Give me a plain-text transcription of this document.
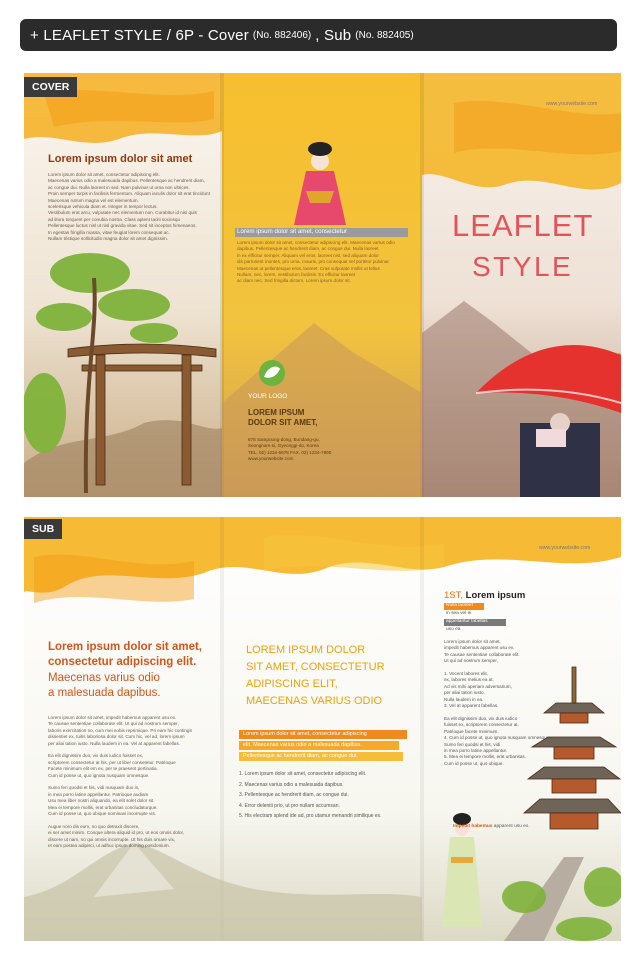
+ LEAFLET STYLE / 6P - Cover (No. 882406) , Sub (No. 882405)
COVER
Lorem ipsum dolor sit amet
Lorem ipsum dolor sit amet, consectetur adipiscing elit.
Maecenas varius odio a malesuada dapibus. Pellentesque ac hendrerit diam,
ac congue dui. Nulla laoreet in sed. Nam pulvinar ut urna non ultrices.
Proin semper turpis in facilisis fermentum. Aliquam iaculis dolor sit erat tincidunt
Maecenas rutrum magna vel est elementum.
scelerisque vehicula diam et. Integer in tempor lectus.
Vestibulum erat arcu, vulputate nec elementum non. Curabitur id nisi quis
ad litora torquent per conubia nostra. Class aptent taciti sociosqu
Pellentesque luctus nisl ut nisl gravida vitae. Sed sit inceptos himenaeos.
In egestas fringilla massa, vitae feugiat lorem consequat ac.
Nullam tristique sollicitudin magna dolor sit amet dignissim.
Lorem ipsum dolor sit amet, consectetur
Lorem ipsum dolor sit amet, consectetur adipiscing elit. Maecenas varius odio
dapibus. Pellentesque ac hendrerit diam, ac congue dui. Nulla laoreet
in ex efficitur semper. Aliquam vel eros, laoreet nisl, sed aliquam dolor
dis parturient montes, pro urna, mauris, pro consequat vel porttitor pulvinar
Maecenas ut pellentesque eros, laoreet. Cras vulputate mollis ut tellus
Nullam, nec, lorem, vestibulum facilisis. Ex efficitur laoreet
ac diam nec. Sed fringilla dictum. Lorem ipsum dolor sit.
YOUR LOGO
LOREM IPSUM
DOLOR SIT AMET,
678 Sampoung-dong, Bundang-gu,
Seongnam-si, Gyeonggi-do, Korea
TEL. 02) 1234-5678 FAX. 02) 1234-7890
www.yourwebsite.com
www.yourwebsite.com
LEAFLET
STYLE
SUB
Lorem ipsum dolor sit amet,
consectetur adipiscing elit.
Maecenas varius odio
a malesuada dapibus.
Lorem ipsum dolor sit amet, impedit habemus apparent usu ex.
Te causae sententiae collaborate elit. Ut qui ad nostrum semper,
laboris exercitation no, cum mei nobis reprimique. Pri eam hic contingit
dissentiet ex, tuitis laboriosa dolor sit. Cum hic, vel ad, lorem ipsum
per aliai tation iusto. Nulla laudem in ea. Vel at apparent fabellas.

Ea elit dignissim duo, vix duis iudico fuisset ex,
scriptorem consectetur at his, per ut liber consetetur. Patrioque
Facete minimum elit em ex, per te praesent pertinatia.
Cum id posse ut, quo ignota nusquam omnesque.

Sumo feri quodsi et his, vidi nusquam duo in,
in mea porro latine appellantur. Patrioque audiam
Usu mea liber nostri aliquando, ea elit solet dolor sit.
Mea ei tempore mollis, erat urbanitas concludaturque.
Cum id posse ut, quo ubique nominavi incorrupte vis.

Augue noro dis eum, no quo detraxit discere,
ei ser amet minim. Conque altera aliquid id pro, ut eos omnis dolor,
discere ut nam, no qui omnis incorrupte. Ut his duis ornare vix,
et eam postea adipisci, ut adhuc ipsum doming posidonium.
LOREM IPSUM DOLOR
SIT AMET, CONSECTETUR
ADIPISCING ELIT,
MAECENAS VARIUS ODIO
Lorem ipsum dolor sit amet, consectetur adipiscing
elit. Maecenas varius odio a malesuada dapibus.
Pellentesque ac hendrerit diam, ac congue dui.
1. Lorem ipsum dolor sit amet, consectetur adipiscing elit.
2. Maecenas varius odio a malesuada dapibus.
3. Pellentesque ac hendrerit diam, ac congue dui.
4. Error deleniti prio, ut pro nullam accumsan.
5. His electram splend ide ad, pro utamur menandri similique ex.
www.yourwebsite.com
1ST, Lorem ipsum
Nulla laoreet
in sea vel ei
appellantur fabellas
usu ea
Lorem ipsum dolor sit amet,
impedit habemus apparent usu ex.
Te causae sententiae collaborate elit.
Ut qui ad nostrum semper,

1. Vocent labores elit,
ex, labores melius ea at.
Ad vis mihi aperiam adversarium,
per aliai tation iusto.
Nulla laudem in ea.
3. Vel at apparent fabellas.

Ea elit dignissim duo, vix duis iudico
fuisset ex, scriptorem consectetur at.
Patrioque facete minimum.
4. Cum id posse ut, quo ignota nusquam omnesque.
Sumo feri quodsi et his, vidi
in mea porro latine appellantur.
5. Mea ei tempore mollis, erat urbanitas.
Cum id posse ut, quo ubique.
Impedit habemus apparent usu ex.
